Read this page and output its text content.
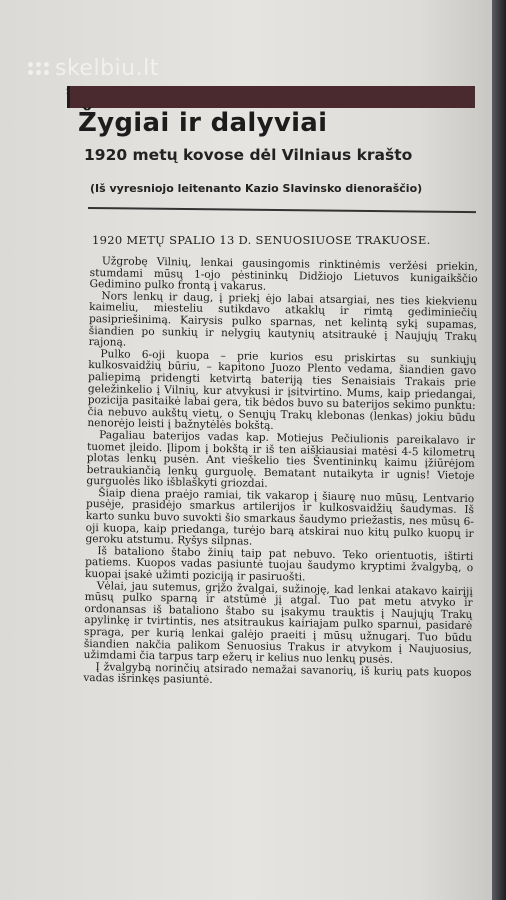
skelbiu.lt
Žygiai ir dalyviai
1920 metų kovose dėl Vilniaus krašto
(Iš vyresniojo leitenanto Kazio Slavinsko dienoraščio)
1920 METŲ SPALIO 13 D. SENUOSIUOSE TRAKUOSE.

Užgrobę Vilnių, lenkai gausingomis rinktinėmis veržėsi priekin, stumdami mūsų 1-ojo pėstininkų Didžiojo Lietuvos kunigaikščio Gedimino pulko frontą į vakarus.

Nors lenkų ir daug, į priekį ėjo labai atsargiai, nes ties kiekvienu kaimeliu, miesteliu sutikdavo atkaklų ir rimtą gediminiečių pasipriešinimą. Kairysis pulko sparnas, net kelintą sykį supamas, šiandien po sunkių ir nelygių kautynių atsitraukė į Naujųjų Trakų rajoną.

Pulko 6-oji kuopa – prie kurios esu priskirtas su sunkiųjų kulkosvaidžių būriu, – kapitono Juozo Plento vedama, šiandien gavo paliepimą pridengti ketvirtą bateriją ties Senaisiais Trakais prie geležinkelio į Vilnių, kur atvykusi ir įsitvirtino. Mums, kaip priedangai, pozicija pasitaikė labai gera, tik bėdos buvo su baterijos sekimo punktu: čia nebuvo aukštų vietų, o Senųjų Trakų klebonas (lenkas) jokiu būdu nenorėjo leisti į bažnytėlės bokštą.

Pagaliau baterijos vadas kap. Motiejus Pečiulionis pareikalavo ir tuomet įleido. Įlipom į bokštą ir iš ten aiškiausiai matėsi 4-5 kilometrų plotas lenkų pusėn. Ant vieškelio ties Šventininkų kaimu įžiūrėjom betraukiančią lenkų gurguolę. Bematant nutaikyta ir ugnis! Vietoje gurguolės liko išblaškyti griozdai.

Šiaip diena praėjo ramiai, tik vakarop į šiaurę nuo mūsų, Lentvario pusėje, prasidėjo smarkus artilerijos ir kulkosvaidžių šaudymas. Iš karto sunku buvo suvokti šio smarkaus šaudymo priežastis, nes mūsų 6-oji kuopa, kaip priedanga, turėjo barą atskirai nuo kitų pulko kuopų ir geroku atstumu. Ryšys silpnas.

Iš bataliono štabo žinių taip pat nebuvo. Teko orientuotis, ištirti patiems. Kuopos vadas pasiuntė tuojau šaudymo kryptimi žvalgybą, o kuopai įsakė užimti poziciją ir pasiruošti.

Vėlai, jau sutemus, grįžo žvalgai, sužinoję, kad lenkai atakavo kairįjį mūsų pulko sparną ir atstūmė jį atgal. Tuo pat metu atvyko ir ordonansas iš bataliono štabo su įsakymu trauktis į Naujųjų Trakų apylinkę ir tvirtintis, nes atsitraukus kairiajam pulko sparnui, pasidarė spraga, per kurią lenkai galėjo praeiti į mūsų užnugarį. Tuo būdu šiandien nakčia palikom Senuosius Trakus ir atvykom į Naujuosius, užimdami čia tarpus tarp ežerų ir kelius nuo lenkų pusės.

Į žvalgybą norinčių atsirado nemažai savanorių, iš kurių pats kuopos vadas išrinkęs pasiuntė.
